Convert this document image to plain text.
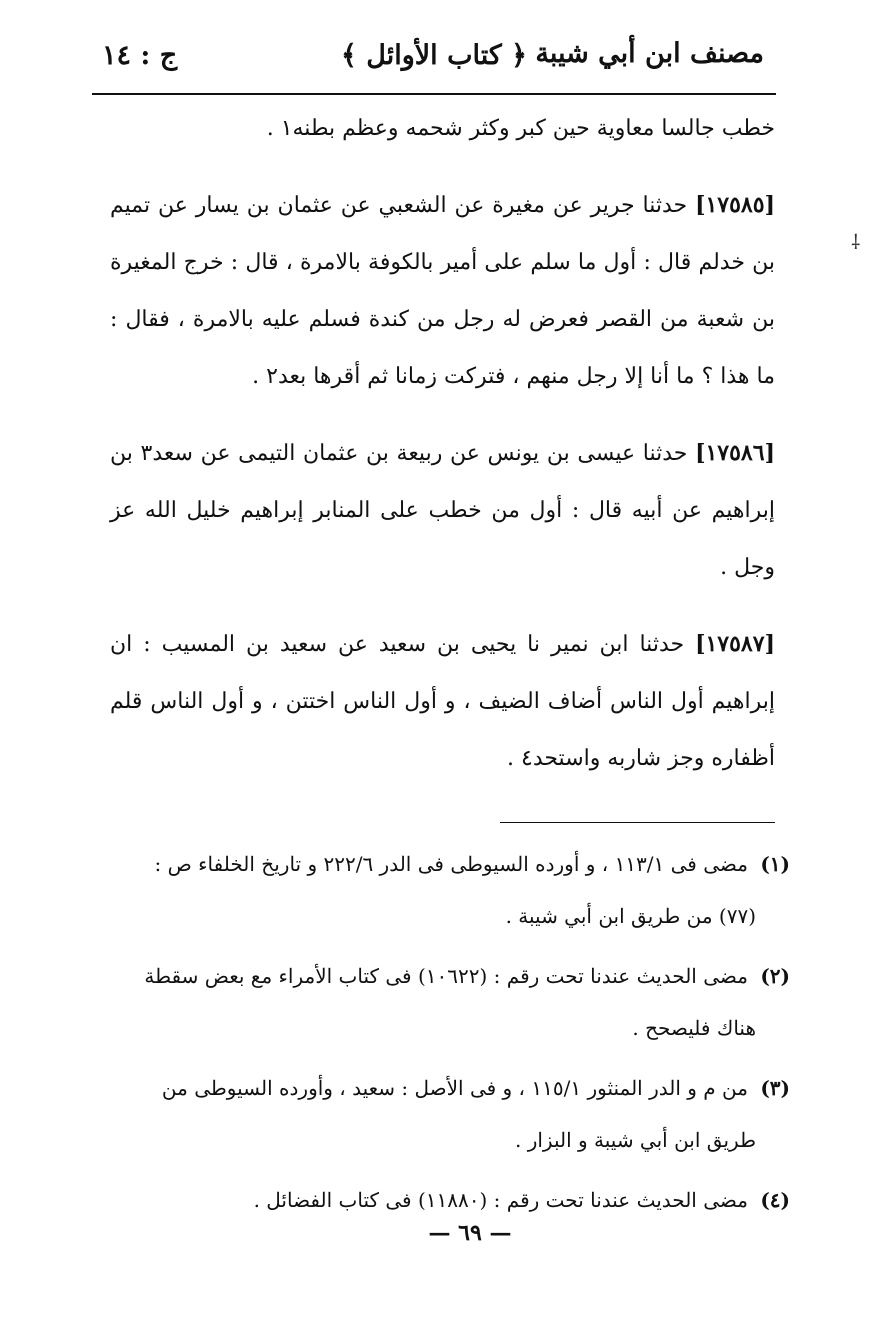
مصنف ابن أبي شيبة
﴿ كتاب الأوائل ﴾
ج : ١٤
⸸

خطب جالسا معاوية حين كبر وكثر شحمه وعظم بطنه١ .

[١٧٥٨٥] حدثنا جرير عن مغيرة عن الشعبي عن عثمان بن يسار عن تميم بن خدلم قال : أول ما سلم على أمير بالكوفة بالامرة ، قال : خرج المغيرة بن شعبة من القصر فعرض له رجل من كندة فسلم عليه بالامرة ، فقال : ما هذا ؟ ما أنا إلا رجل منهم ، فتركت زمانا ثم أقرها بعد٢ .

[١٧٥٨٦] حدثنا عيسى بن يونس عن ربيعة بن عثمان التيمى عن سعد٣ بن إبراهيم عن أبيه قال : أول من خطب على المنابر إبراهيم خليل الله عز وجل .

[١٧٥٨٧] حدثنا ابن نمير نا يحيى بن سعيد عن سعيد بن المسيب : ان إبراهيم أول الناس أضاف الضيف ، و أول الناس اختتن ، و أول الناس قلم أظفاره وجز شاربه واستحد٤ .

(١) مضى فى ١١٣/١ ، و أورده السيوطى فى الدر ٢٢٢/٦ و تاريخ الخلفاء ص : (٧٧) من طريق ابن أبي شيبة .
(٢) مضى الحديث عندنا تحت رقم : (١٠٦٢٢) فى كتاب الأمراء مع بعض سقطة هناك فليصحح .
(٣) من م و الدر المنثور ١١٥/١ ، و فى الأصل : سعيد ، وأورده السيوطى من طريق ابن أبي شيبة و البزار .
(٤) مضى الحديث عندنا تحت رقم : (١١٨٨٠) فى كتاب الفضائل .
— ٦٩ —
